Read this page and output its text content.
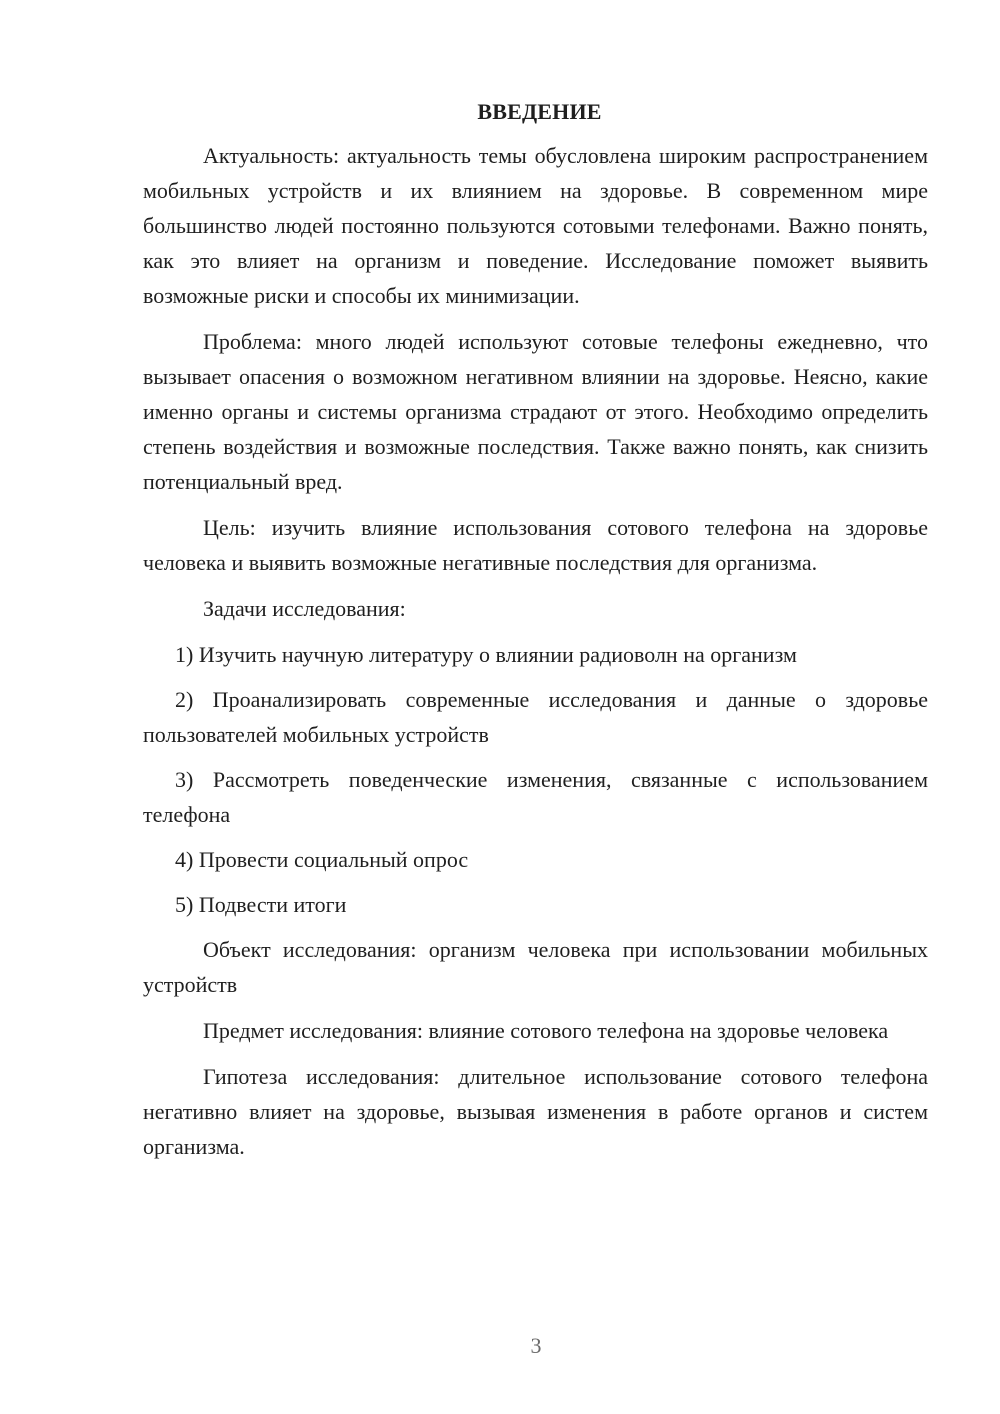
ВВЕДЕНИЕ

Актуальность: актуальность темы обусловлена широким распространением мобильных устройств и их влиянием на здоровье. В современном мире большинство людей постоянно пользуются сотовыми телефонами. Важно понять, как это влияет на организм и поведение. Исследование поможет выявить возможные риски и способы их минимизации.

Проблема: много людей используют сотовые телефоны ежедневно, что вызывает опасения о возможном негативном влиянии на здоровье. Неясно, какие именно органы и системы организма страдают от этого. Необходимо определить степень воздействия и возможные последствия. Также важно понять, как снизить потенциальный вред.

Цель: изучить влияние использования сотового телефона на здоровье человека и выявить возможные негативные последствия для организма.

Задачи исследования:

1) Изучить научную литературу о влиянии радиоволн на организм

2) Проанализировать современные исследования и данные о здоровье пользователей мобильных устройств

3) Рассмотреть поведенческие изменения, связанные с использованием телефона

4) Провести социальный опрос

5) Подвести итоги

Объект исследования: организм человека при использовании мобильных устройств

Предмет исследования: влияние сотового телефона на здоровье человека

Гипотеза исследования: длительное использование сотового телефона негативно влияет на здоровье, вызывая изменения в работе органов и систем организма.

3
